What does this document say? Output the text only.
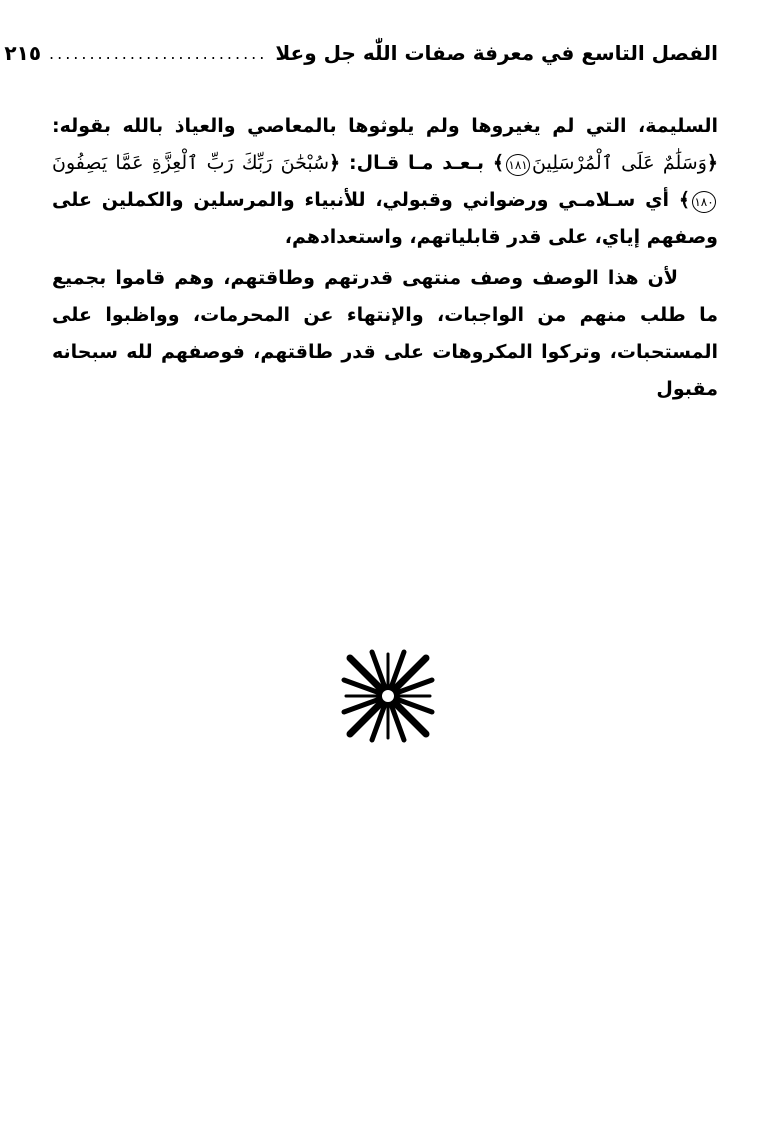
الفصل التاسع في معرفة صفات اللّٰه جل وعلا
...........................
٢١٥

السليمة، التي لم يغيروها ولم يلوثوها بالمعاصي والعياذ بالله بقوله: ﴿وَسَلَٰمٌ عَلَى ٱلْمُرْسَلِينَ١٨١﴾ بـعـد مـا قـال: ﴿سُبْحَٰنَ رَبِّكَ رَبِّ ٱلْعِزَّةِ عَمَّا يَصِفُونَ١٨٠﴾ أي سـلامـي ورضواني وقبولي، للأنبياء والمرسلين والكملين على وصفهم إياي، على قدر قابلياتهم، واستعدادهم،

لأن هذا الوصف وصف منتهى قدرتهم وطاقتهم، وهم قاموا بجميع ما طلب منهم من الواجبات، والإنتهاء عن المحرمات، وواظبوا على المستحبات، وتركوا المكروهات على قدر طاقتهم، فوصفهم لله سبحانه مقبول
